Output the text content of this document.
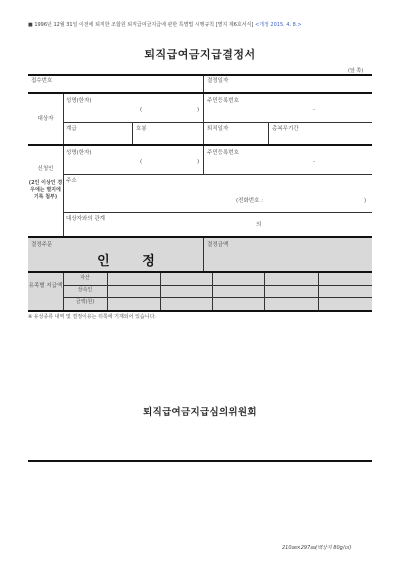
■ 1996년 12월 31일 이전에 퇴직한 조합원 퇴직급여금지급에 관한 특별법 시행규칙 [별지 제6호서식] <개정 2015. 4. 8.>
퇴직급여금지급결정서
(앞 쪽)
접수번호	결정일자
대상자
성명(한자)
(	)
주민등록번호
-
계급	호봉	퇴직일자	총복무기간
신청인
(2인 이상인 경우에는 별지에 기록 첨부)
성명(한자)
(	)
주민등록번호
-
주소
(전화번호 :	)
대상자와의 관계
의
결정주문
인 정
결정금액
유족별 지급액
자산
상속인
금액(원)
※ 유상종류 내역 및 결정이유는 뒤쪽에 기재되어 있습니다.
퇴직급여금지급심의위원회
210㎜×297㎜(백상지 80g/㎡)
